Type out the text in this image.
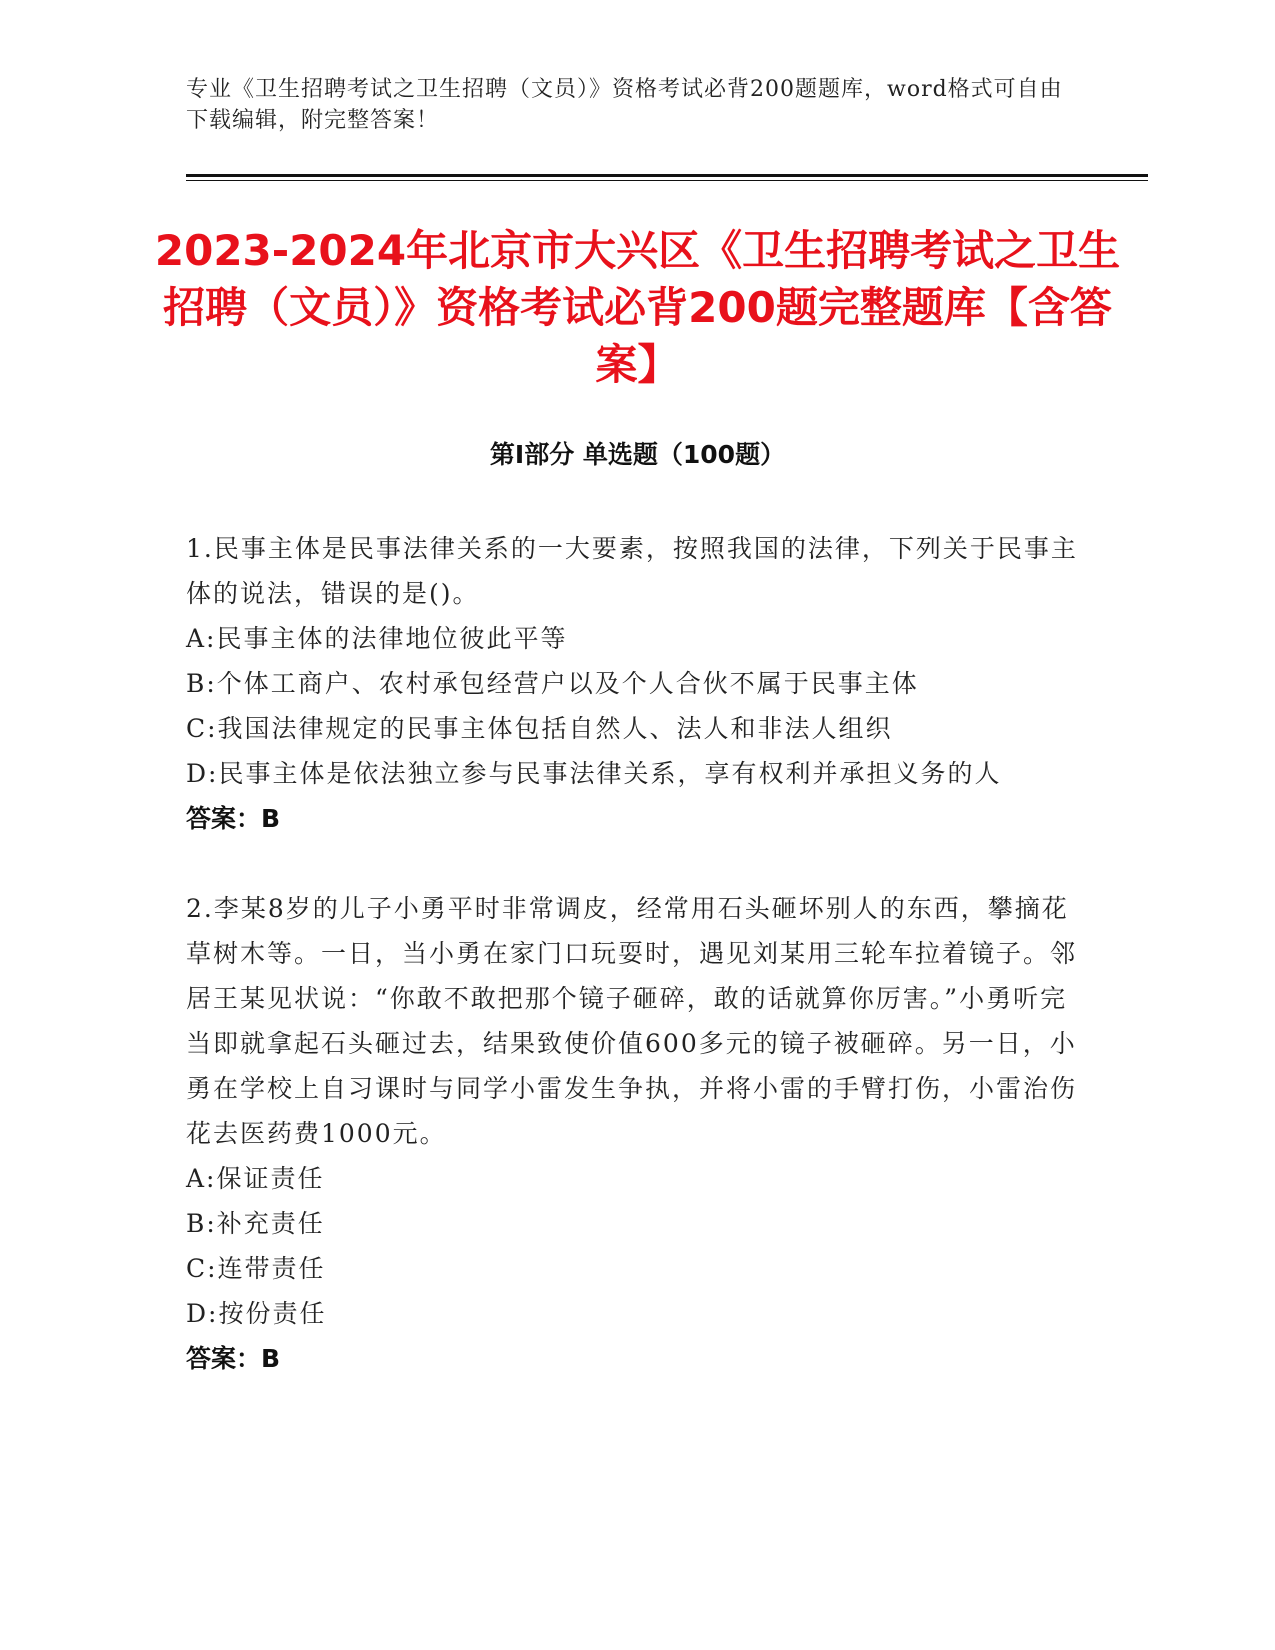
专业《卫生招聘考试之卫生招聘（文员）》资格考试必背200题题库，word格式可自由下载编辑，附完整答案！
2023-2024年北京市大兴区《卫生招聘考试之卫生招聘（文员）》资格考试必背200题完整题库【含答案】
第Ⅰ部分 单选题（100题）

1.民事主体是民事法律关系的一大要素，按照我国的法律，下列关于民事主体的说法，错误的是()。

A:民事主体的法律地位彼此平等

B:个体工商户、农村承包经营户以及个人合伙不属于民事主体

C:我国法律规定的民事主体包括自然人、法人和非法人组织

D:民事主体是依法独立参与民事法律关系，享有权利并承担义务的人

答案：B

2.李某8岁的儿子小勇平时非常调皮，经常用石头砸坏别人的东西，攀摘花草树木等。一日，当小勇在家门口玩耍时，遇见刘某用三轮车拉着镜子。邻居王某见状说：“你敢不敢把那个镜子砸碎，敢的话就算你厉害。”小勇听完当即就拿起石头砸过去，结果致使价值600多元的镜子被砸碎。另一日，小勇在学校上自习课时与同学小雷发生争执，并将小雷的手臂打伤，小雷治伤花去医药费1000元。

A:保证责任

B:补充责任

C:连带责任

D:按份责任

答案：B
